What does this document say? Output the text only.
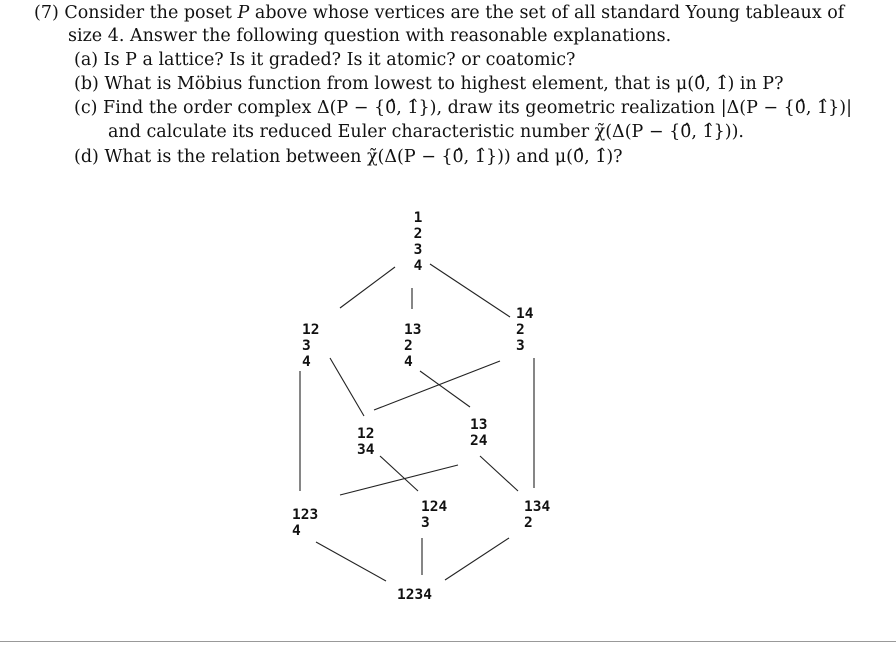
(7) Consider the poset P above whose vertices are the set of all standard Young tableaux of
size 4. Answer the following question with reasonable explanations.
(a) Is P a lattice? Is it graded? Is it atomic? or coatomic?
(b) What is Möbius function from lowest to highest element, that is μ(0̂, 1̂) in P?
(c) Find the order complex Δ(P − {0̂, 1̂}), draw its geometric realization |Δ(P − {0̂, 1̂})|
and calculate its reduced Euler characteristic number χ̃(Δ(P − {0̂, 1̂})).
(d) What is the relation between χ̃(Δ(P − {0̂, 1̂})) and μ(0̂, 1̂)?
1
2
3
4
12
3
4
13
2
4
14
2
3
12
34
13
24
123
4
124
3
134
2
1234
